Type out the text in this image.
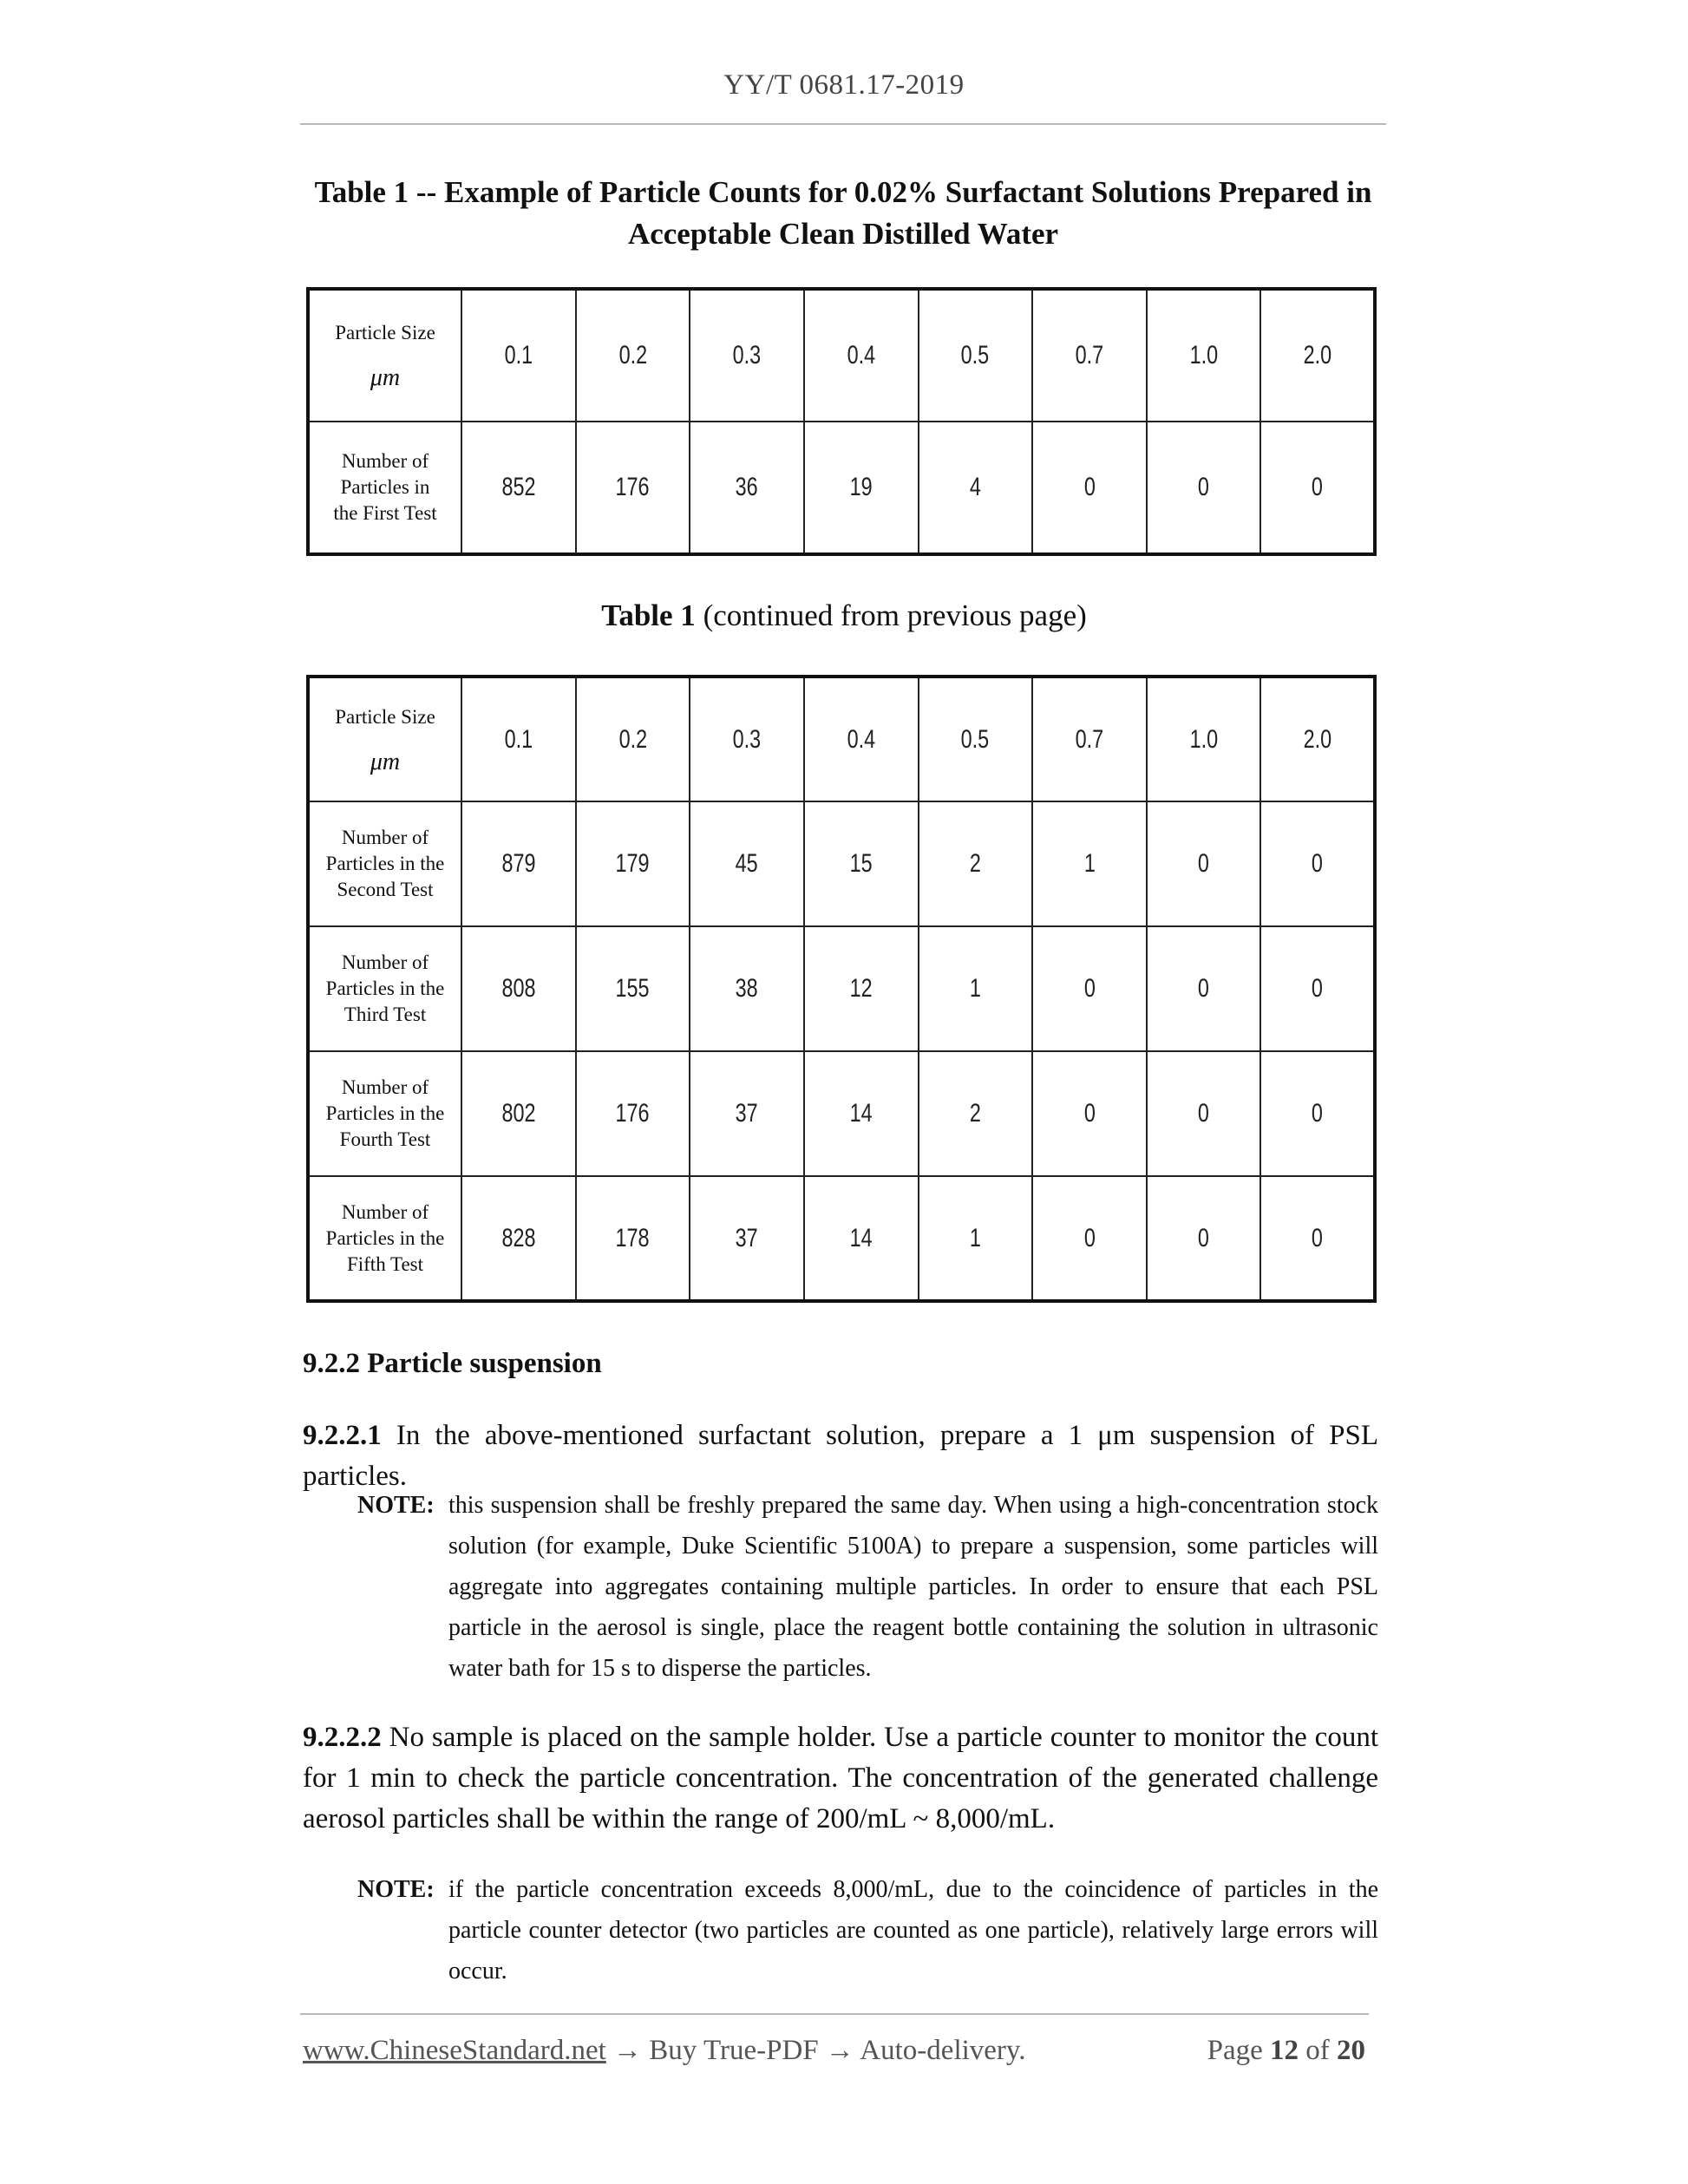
YY/T 0681.17-2019
Table 1 -- Example of Particle Counts for 0.02% Surfactant Solutions Prepared in
Acceptable Clean Distilled Water
Particle Size
μm	0.1	0.2	0.3	0.4	0.5	0.7	1.0	2.0

Number of
Particles in
the First Test	852	176	36	19	4	0	0	0
Table 1 (continued from previous page)
Particle Size
μm	0.1	0.2	0.3	0.4	0.5	0.7	1.0	2.0

Number of
Particles in the
Second Test	879	179	45	15	2	1	0	0

Number of
Particles in the
Third Test	808	155	38	12	1	0	0	0

Number of
Particles in the
Fourth Test	802	176	37	14	2	0	0	0

Number of
Particles in the
Fifth Test	828	178	37	14	1	0	0	0
9.2.2 Particle suspension
9.2.2.1 In the above-mentioned surfactant solution, prepare a 1 μm suspension of PSL particles.
NOTE: this suspension shall be freshly prepared the same day. When using a high-concentration stock solution (for example, Duke Scientific 5100A) to prepare a suspension, some particles will aggregate into aggregates containing multiple particles. In order to ensure that each PSL particle in the aerosol is single, place the reagent bottle containing the solution in ultrasonic water bath for 15 s to disperse the particles.
9.2.2.2 No sample is placed on the sample holder. Use a particle counter to monitor the count for 1 min to check the particle concentration. The concentration of the generated challenge aerosol particles shall be within the range of 200/mL ~ 8,000/mL.
NOTE: if the particle concentration exceeds 8,000/mL, due to the coincidence of particles in the particle counter detector (two particles are counted as one particle), relatively large errors will occur.
www.ChineseStandard.net → Buy True-PDF → Auto-delivery.	Page 12 of 20
